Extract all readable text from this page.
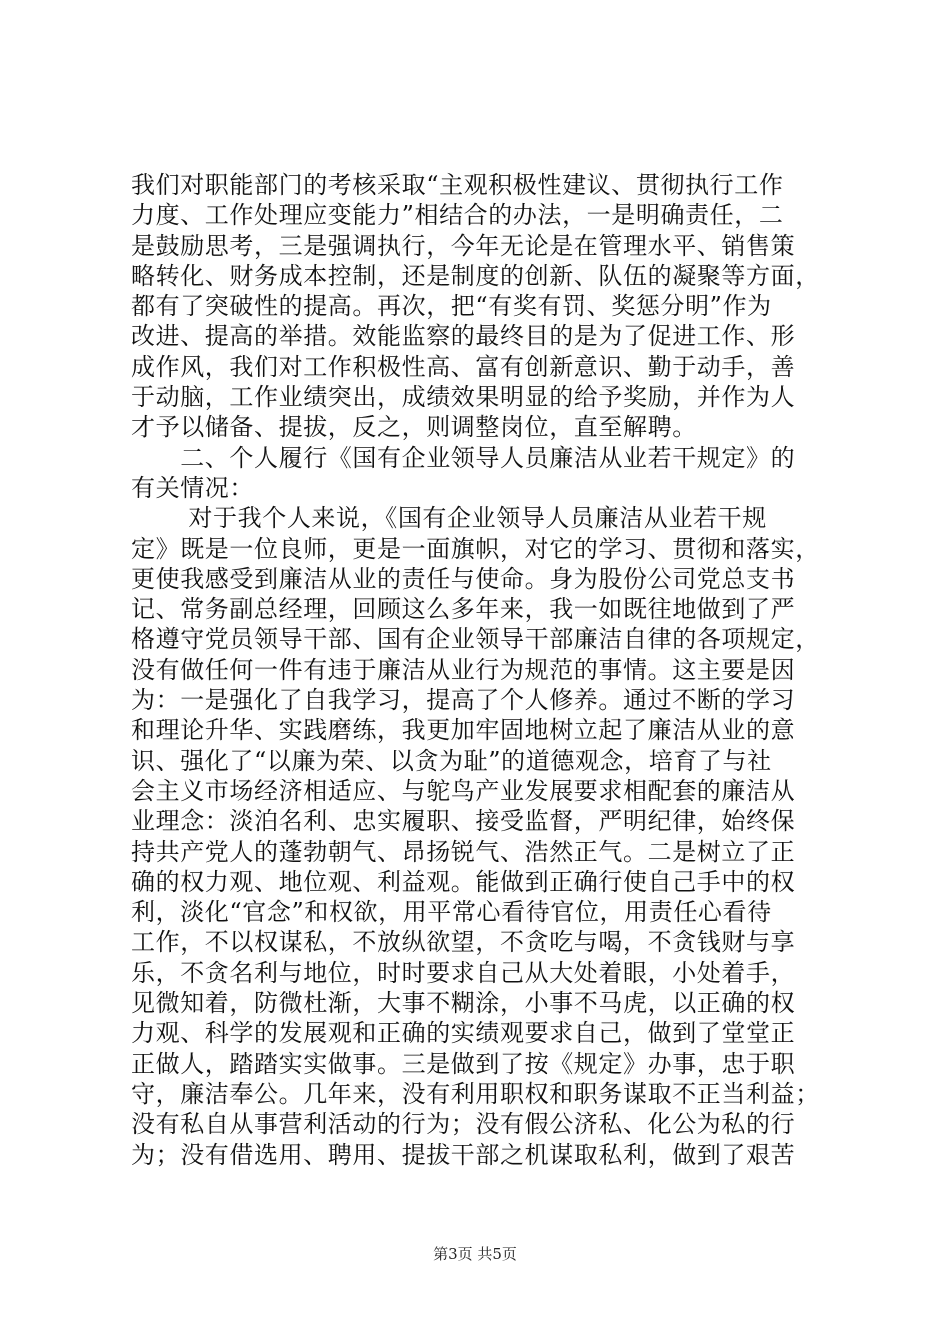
我们对职能部门的考核采取“主观积极性建议、贯彻执行工作
力度、工作处理应变能力”相结合的办法，一是明确责任，二
是鼓励思考，三是强调执行，今年无论是在管理水平、销售策
略转化、财务成本控制，还是制度的创新、队伍的凝聚等方面，
都有了突破性的提高。再次，把“有奖有罚、奖惩分明”作为
改进、提高的举措。效能监察的最终目的是为了促进工作、形
成作风，我们对工作积极性高、富有创新意识、勤于动手，善
于动脑，工作业绩突出，成绩效果明显的给予奖励，并作为人
才予以储备、提拔，反之，则调整岗位，直至解聘。
　　二、个人履行《国有企业领导人员廉洁从业若干规定》的
有关情况：
　　 对于我个人来说，《国有企业领导人员廉洁从业若干规
定》既是一位良师，更是一面旗帜，对它的学习、贯彻和落实，
更使我感受到廉洁从业的责任与使命。身为股份公司党总支书
记、常务副总经理，回顾这么多年来，我一如既往地做到了严
格遵守党员领导干部、国有企业领导干部廉洁自律的各项规定，
没有做任何一件有违于廉洁从业行为规范的事情。这主要是因
为：一是强化了自我学习，提高了个人修养。通过不断的学习
和理论升华、实践磨练，我更加牢固地树立起了廉洁从业的意
识、强化了“以廉为荣、以贪为耻”的道德观念，培育了与社
会主义市场经济相适应、与鸵鸟产业发展要求相配套的廉洁从
业理念：淡泊名利、忠实履职、接受监督，严明纪律，始终保
持共产党人的蓬勃朝气、昂扬锐气、浩然正气。二是树立了正
确的权力观、地位观、利益观。能做到正确行使自己手中的权
利，淡化“官念”和权欲，用平常心看待官位，用责任心看待
工作，不以权谋私，不放纵欲望，不贪吃与喝，不贪钱财与享
乐，不贪名利与地位，时时要求自己从大处着眼，小处着手，
见微知着，防微杜渐，大事不糊涂，小事不马虎，以正确的权
力观、科学的发展观和正确的实绩观要求自己，做到了堂堂正
正做人，踏踏实实做事。三是做到了按《规定》办事，忠于职
守，廉洁奉公。几年来，没有利用职权和职务谋取不正当利益；
没有私自从事营利活动的行为；没有假公济私、化公为私的行
为；没有借选用、聘用、提拔干部之机谋取私利，做到了艰苦
第3页 共5页
